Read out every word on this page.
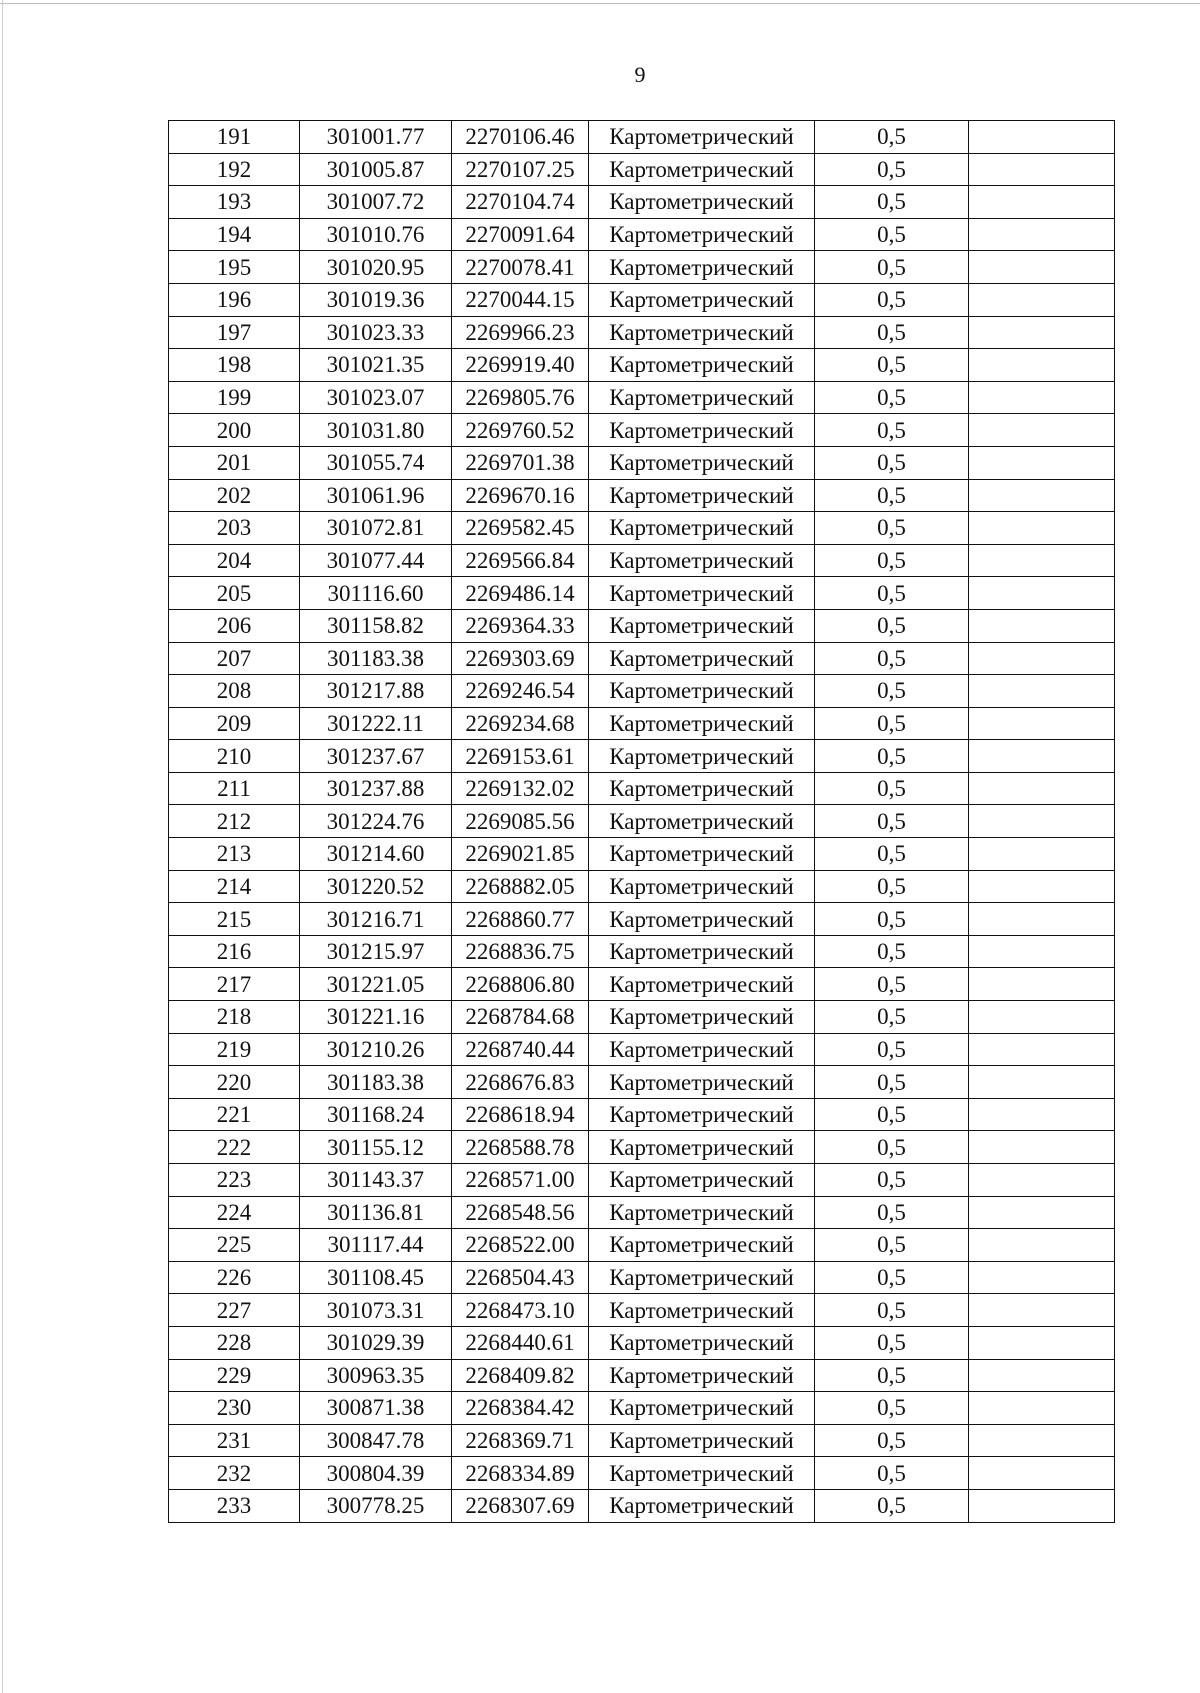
9
191	301001.77	2270106.46	Картометрический	0,5	
192	301005.87	2270107.25	Картометрический	0,5	
193	301007.72	2270104.74	Картометрический	0,5	
194	301010.76	2270091.64	Картометрический	0,5	
195	301020.95	2270078.41	Картометрический	0,5	
196	301019.36	2270044.15	Картометрический	0,5	
197	301023.33	2269966.23	Картометрический	0,5	
198	301021.35	2269919.40	Картометрический	0,5	
199	301023.07	2269805.76	Картометрический	0,5	
200	301031.80	2269760.52	Картометрический	0,5	
201	301055.74	2269701.38	Картометрический	0,5	
202	301061.96	2269670.16	Картометрический	0,5	
203	301072.81	2269582.45	Картометрический	0,5	
204	301077.44	2269566.84	Картометрический	0,5	
205	301116.60	2269486.14	Картометрический	0,5	
206	301158.82	2269364.33	Картометрический	0,5	
207	301183.38	2269303.69	Картометрический	0,5	
208	301217.88	2269246.54	Картометрический	0,5	
209	301222.11	2269234.68	Картометрический	0,5	
210	301237.67	2269153.61	Картометрический	0,5	
211	301237.88	2269132.02	Картометрический	0,5	
212	301224.76	2269085.56	Картометрический	0,5	
213	301214.60	2269021.85	Картометрический	0,5	
214	301220.52	2268882.05	Картометрический	0,5	
215	301216.71	2268860.77	Картометрический	0,5	
216	301215.97	2268836.75	Картометрический	0,5	
217	301221.05	2268806.80	Картометрический	0,5	
218	301221.16	2268784.68	Картометрический	0,5	
219	301210.26	2268740.44	Картометрический	0,5	
220	301183.38	2268676.83	Картометрический	0,5	
221	301168.24	2268618.94	Картометрический	0,5	
222	301155.12	2268588.78	Картометрический	0,5	
223	301143.37	2268571.00	Картометрический	0,5	
224	301136.81	2268548.56	Картометрический	0,5	
225	301117.44	2268522.00	Картометрический	0,5	
226	301108.45	2268504.43	Картометрический	0,5	
227	301073.31	2268473.10	Картометрический	0,5	
228	301029.39	2268440.61	Картометрический	0,5	
229	300963.35	2268409.82	Картометрический	0,5	
230	300871.38	2268384.42	Картометрический	0,5	
231	300847.78	2268369.71	Картометрический	0,5	
232	300804.39	2268334.89	Картометрический	0,5	
233	300778.25	2268307.69	Картометрический	0,5	
